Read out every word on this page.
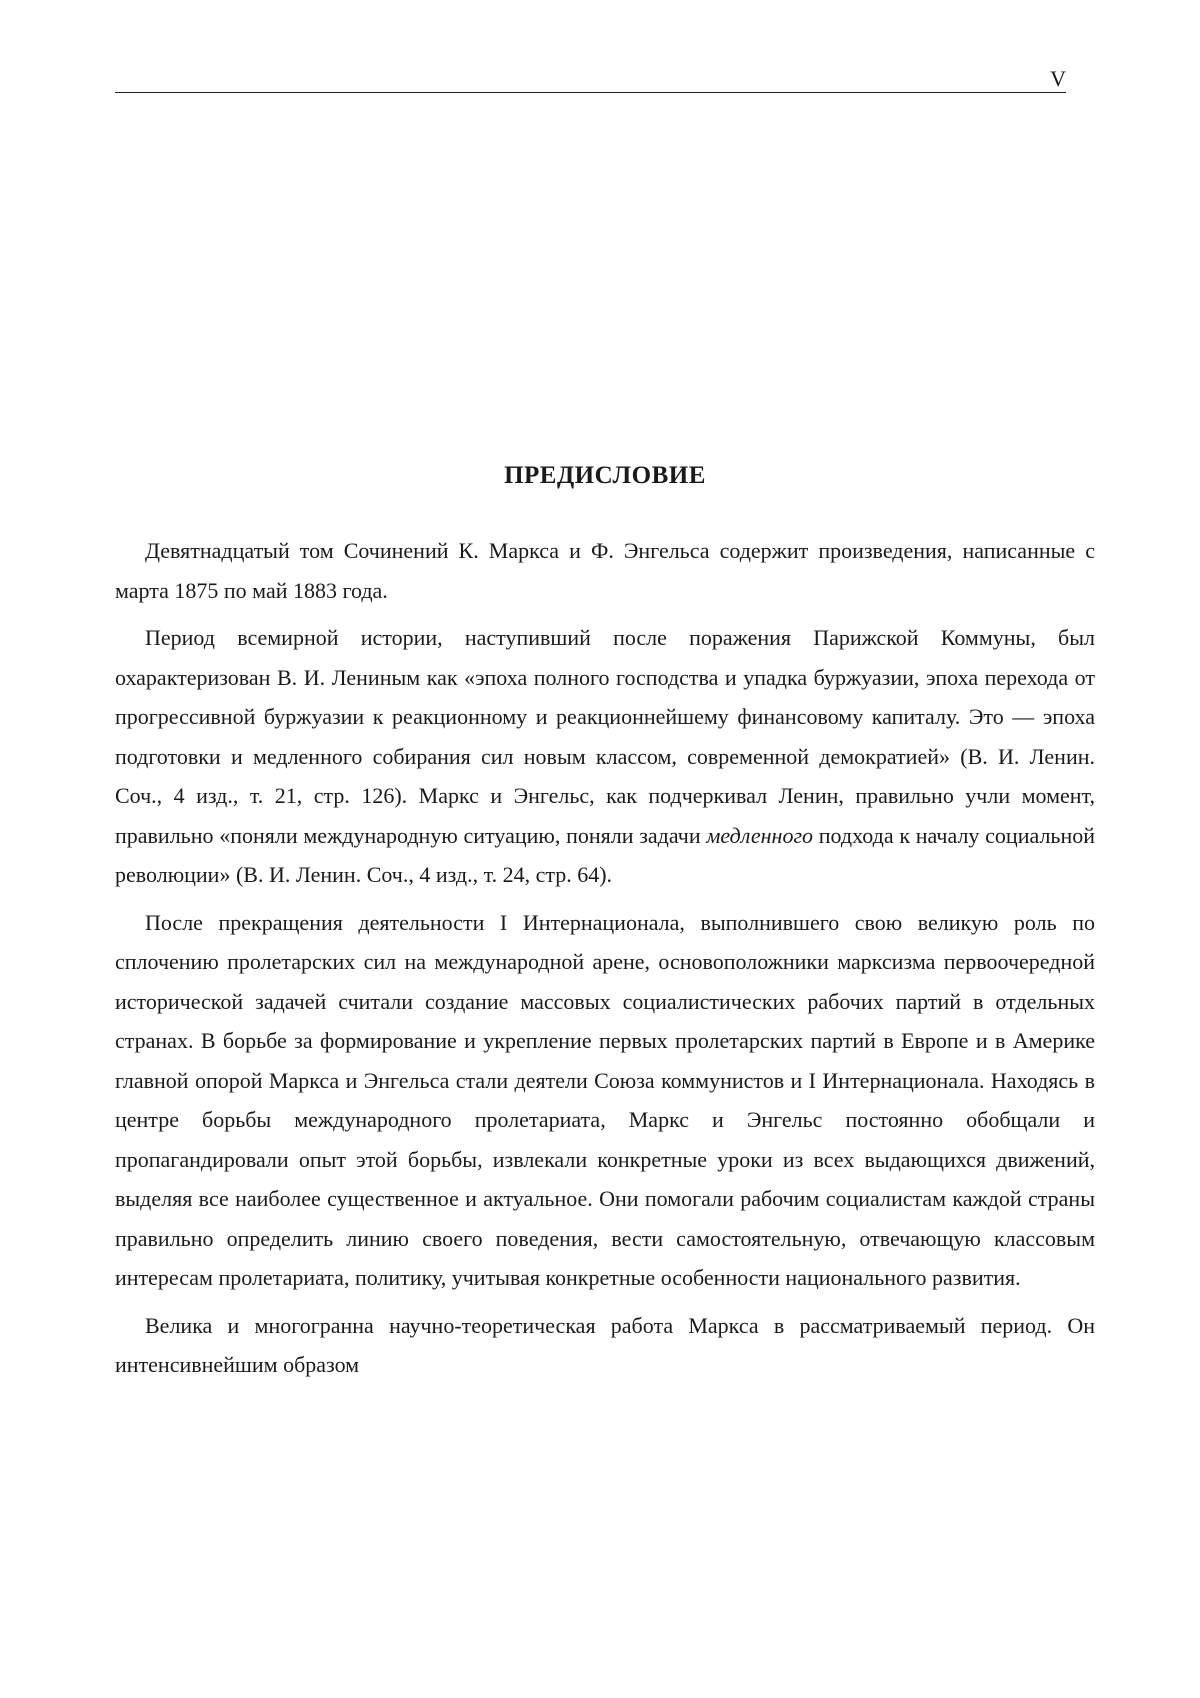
V
ПРЕДИСЛОВИЕ

Девятнадцатый том Сочинений К. Маркса и Ф. Энгельса содержит произведения, написанные с марта 1875 по май 1883 года.

Период всемирной истории, наступивший после поражения Парижской Коммуны, был охарактеризован В. И. Лениным как «эпоха полного господства и упадка буржуазии, эпоха перехода от прогрессивной буржуазии к реакционному и реакционнейшему финансовому капиталу. Это — эпоха подготовки и медленного собирания сил новым классом, современной демократией» (В. И. Ленин. Соч., 4 изд., т. 21, стр. 126). Маркс и Энгельс, как подчеркивал Ленин, правильно учли момент, правильно «поняли международную ситуацию, поняли задачи медленного подхода к началу социальной революции» (В. И. Ленин. Соч., 4 изд., т. 24, стр. 64).

После прекращения деятельности I Интернационала, выполнившего свою великую роль по сплочению пролетарских сил на международной арене, основоположники марксизма первоочередной исторической задачей считали создание массовых социалистических рабочих партий в отдельных странах. В борьбе за формирование и укрепление первых пролетарских партий в Европе и в Америке главной опорой Маркса и Энгельса стали деятели Союза коммунистов и I Интернационала. Находясь в центре борьбы международного пролетариата, Маркс и Энгельс постоянно обобщали и пропагандировали опыт этой борьбы, извлекали конкретные уроки из всех выдающихся движений, выделяя все наиболее существенное и актуальное. Они помогали рабочим социалистам каждой страны правильно определить линию своего поведения, вести самостоятельную, отвечающую классовым интересам пролетариата, политику, учитывая конкретные особенности национального развития.

Велика и многогранна научно-теоретическая работа Маркса в рассматриваемый период. Он интенсивнейшим образом
